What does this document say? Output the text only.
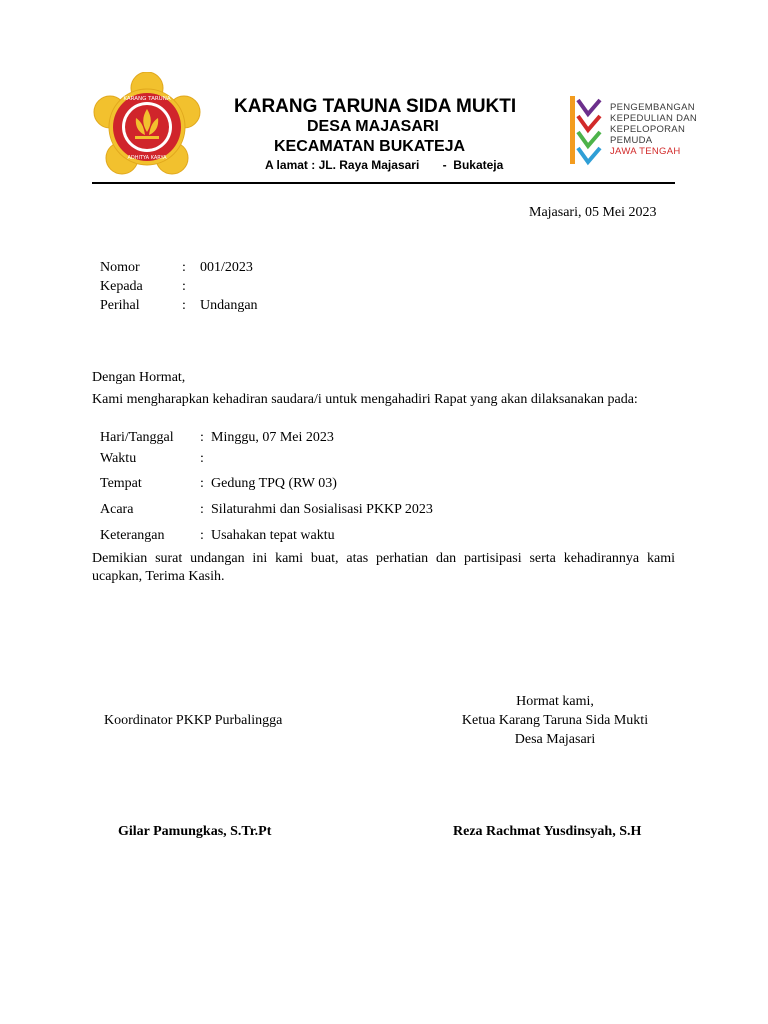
KARANG TARUNA
ADHITYA KARYA
KARANG TARUNA SIDA MUKTI
DESA MAJASARI
KECAMATAN BUKATEJA
A lamat : JL. Raya Majasari       -  Bukateja
PENGEMBANGAN
KEPEDULIAN DAN
KEPELOPORAN
PEMUDA
JAWA TENGAH
Majasari, 05 Mei 2023
Nomor	: 001/2023
Kepada	:
Perihal	: Undangan
Dengan Hormat,
Kami mengharapkan kehadiran saudara/i untuk mengahadiri Rapat yang akan dilaksanakan pada:
Hari/Tanggal : Minggu, 07 Mei 2023
Waktu	:
Tempat	: Gedung TPQ (RW 03)
Acara	: Silaturahmi dan Sosialisasi PKKP 2023
Keterangan	: Usahakan tepat waktu
Demikian surat undangan ini kami buat, atas perhatian dan partisipasi serta kehadirannya kami ucapkan, Terima Kasih.
Hormat kami,
Koordinator PKKP Purbalingga	Ketua Karang Taruna Sida Mukti
Desa Majasari
Gilar Pamungkas, S.Tr.Pt	Reza Rachmat Yusdinsyah, S.H
